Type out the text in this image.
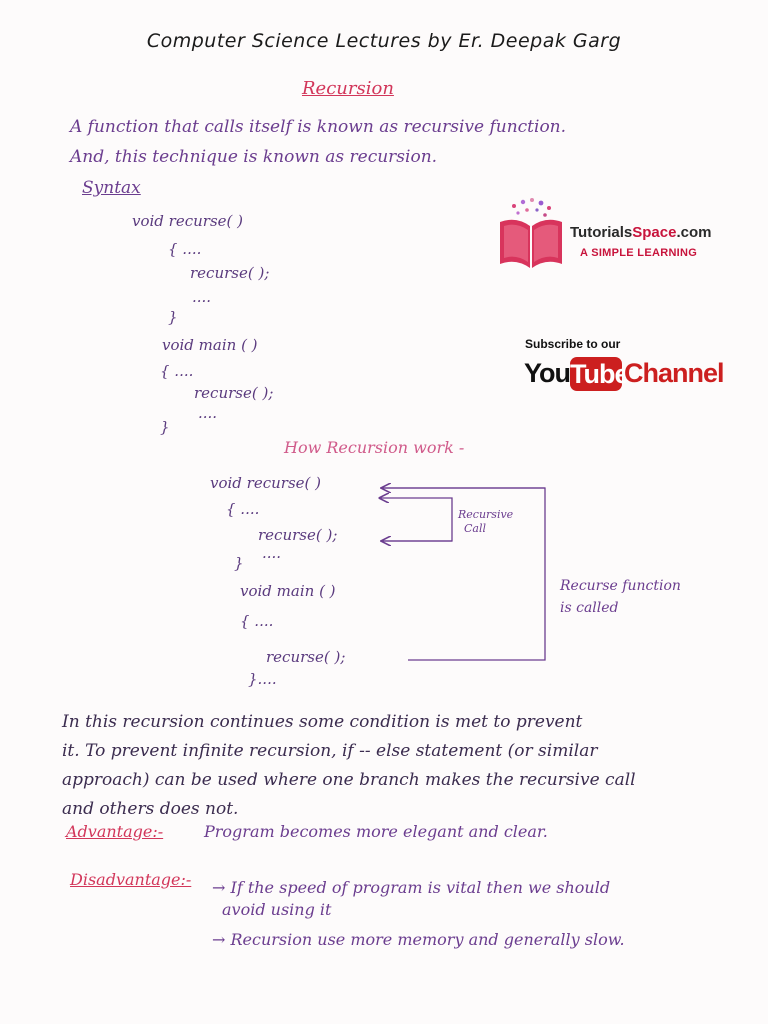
Computer Science Lectures by Er. Deepak Garg
Recursion
A function that calls itself is known as recursive function.
And, this technique is known as recursion.
Syntax
void recurse( )
{ ....
recurse( );
....
}
void main ( )
{ ....
recurse( );
....
}
TutorialsSpace.com
A SIMPLE LEARNING
Subscribe to our
You Tube
Channel
How Recursion work -
void recurse( )
{ ....
recurse( );
....
}
void main ( )
{ ....
recurse( );
}....
Recursive
Call
Recurse function
is called
In this recursion continues some condition is met to prevent
it. To prevent infinite recursion, if -- else statement (or similar
approach) can be used where one branch makes the recursive call
and others does not.
Advantage:-	Program becomes more elegant and clear.
Disadvantage:- → If the speed of program is vital then we should
avoid using it
→ Recursion use more memory and generally slow.
